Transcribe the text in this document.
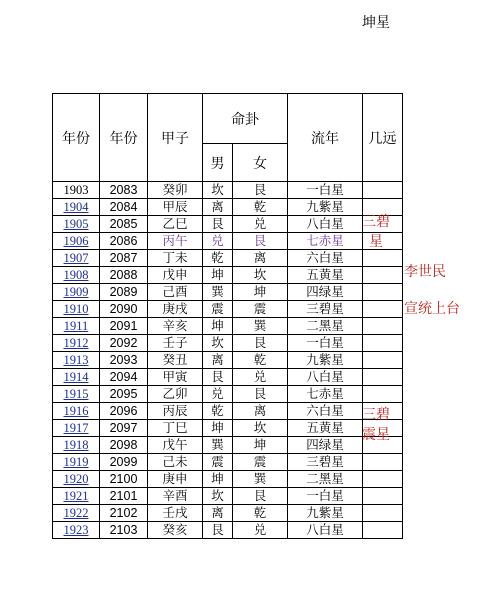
坤星
年份	年份	甲子	命卦		流年	几远
			男	女		
1903	2083	癸卯	坎	艮	一白星	
1904	2084	甲辰	离	乾	九紫星	
1905	2085	乙巳	艮	兑	八白星	
1906	2086	丙午	兑	艮	七赤星	
1907	2087	丁未	乾	离	六白星	
1908	2088	戊申	坤	坎	五黄星	
1909	2089	己酉	巽	坤	四绿星	
1910	2090	庚戌	震	震	三碧星	
1911	2091	辛亥	坤	巽	二黑星	
1912	2092	壬子	坎	艮	一白星	
1913	2093	癸丑	离	乾	九紫星	
1914	2094	甲寅	艮	兑	八白星	
1915	2095	乙卯	兑	艮	七赤星	
1916	2096	丙辰	乾	离	六白星	
1917	2097	丁巳	坤	坎	五黄星	
1918	2098	戊午	巽	坤	四绿星	
1919	2099	己未	震	震	三碧星	
1920	2100	庚申	坤	巽	二黑星	
1921	2101	辛酉	坎	艮	一白星	
1922	2102	壬戌	离	乾	九紫星	
1923	2103	癸亥	艮	兑	八白星	
三碧
星
李世民
宣统上台
三碧
震星
